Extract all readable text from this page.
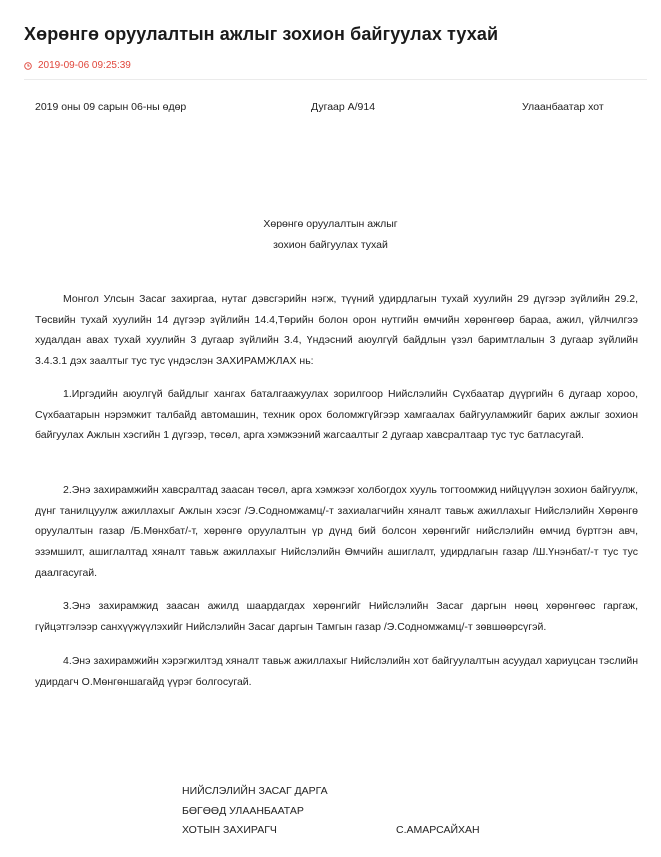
Хөрөнгө оруулалтын ажлыг зохион байгуулах тухай
2019-09-06 09:25:39
2019 оны 09 сарын 06-ны өдөр	Дугаар А/914	Улаанбаатар хот
Хөрөнгө оруулалтын ажлыг
зохион байгуулах тухай

Монгол Улсын Засаг захиргаа, нутаг дэвсгэрийн нэгж, түүний удирдлагын тухай хуулийн 29 дүгээр зүйлийн 29.2, Төсвийн тухай хуулийн 14 дүгээр зүйлийн 14.4,Төрийн болон орон нутгийн өмчийн хөрөнгөөр бараа, ажил, үйлчилгээ худалдан авах тухай хуулийн 3 дугаар зүйлийн 3.4, Үндэсний аюулгүй байдлын үзэл баримтлалын 3 дугаар зүйлийн 3.4.3.1 дэх заалтыг тус тус үндэслэн ЗАХИРАМЖЛАХ нь:

1.Иргэдийн аюулгүй байдлыг хангах баталгаажуулах зорилгоор Нийслэлийн Сүхбаатар дүүргийн 6 дугаар хороо, Сүхбаатарын нэрэмжит талбайд автомашин, техник орох боломжгүйгээр хамгаалах байгууламжийг барих ажлыг зохион байгуулах Ажлын хэсгийн 1 дүгээр, төсөл, арга хэмжээний жагсаалтыг 2 дугаар хавсралтаар тус тус батласугай.

2.Энэ захирамжийн хавсралтад заасан төсөл, арга хэмжээг холбогдох хууль тогтоомжид нийцүүлэн зохион байгуулж, дүнг танилцуулж ажиллахыг Ажлын хэсэг /Э.Содномжамц/-т захиалагчийн хяналт тавьж ажиллахыг Нийслэлийн Хөрөнгө оруулалтын газар /Б.Мөнхбат/-т, хөрөнгө оруулалтын үр дүнд бий болсон хөрөнгийг нийслэлийн өмчид бүртгэн авч, эзэмшилт, ашиглалтад хяналт тавьж ажиллахыг Нийслэлийн Өмчийн ашиглалт, удирдлагын газар /Ш.Үнэнбат/-т тус тус даалгасугай.

3.Энэ захирамжид заасан ажилд шаардагдах хөрөнгийг Нийслэлийн Засаг даргын нөөц хөрөнгөөс гаргаж, гүйцэтгэлээр санхүүжүүлэхийг Нийслэлийн Засаг даргын Тамгын газар /Э.Содномжамц/-т зөвшөөрсүгэй.

4.Энэ захирамжийн хэрэгжилтэд хяналт тавьж ажиллахыг Нийслэлийн хот байгуулалтын асуудал хариуцсан тэслийн удирдагч О.Мөнгөншагайд үүрэг болгосугай.

НИЙСЛЭЛИЙН ЗАСАГ ДАРГА
БӨГӨӨД УЛААНБААТАР
ХОТЫН ЗАХИРАГЧ	С.АМАРСАЙХАН
